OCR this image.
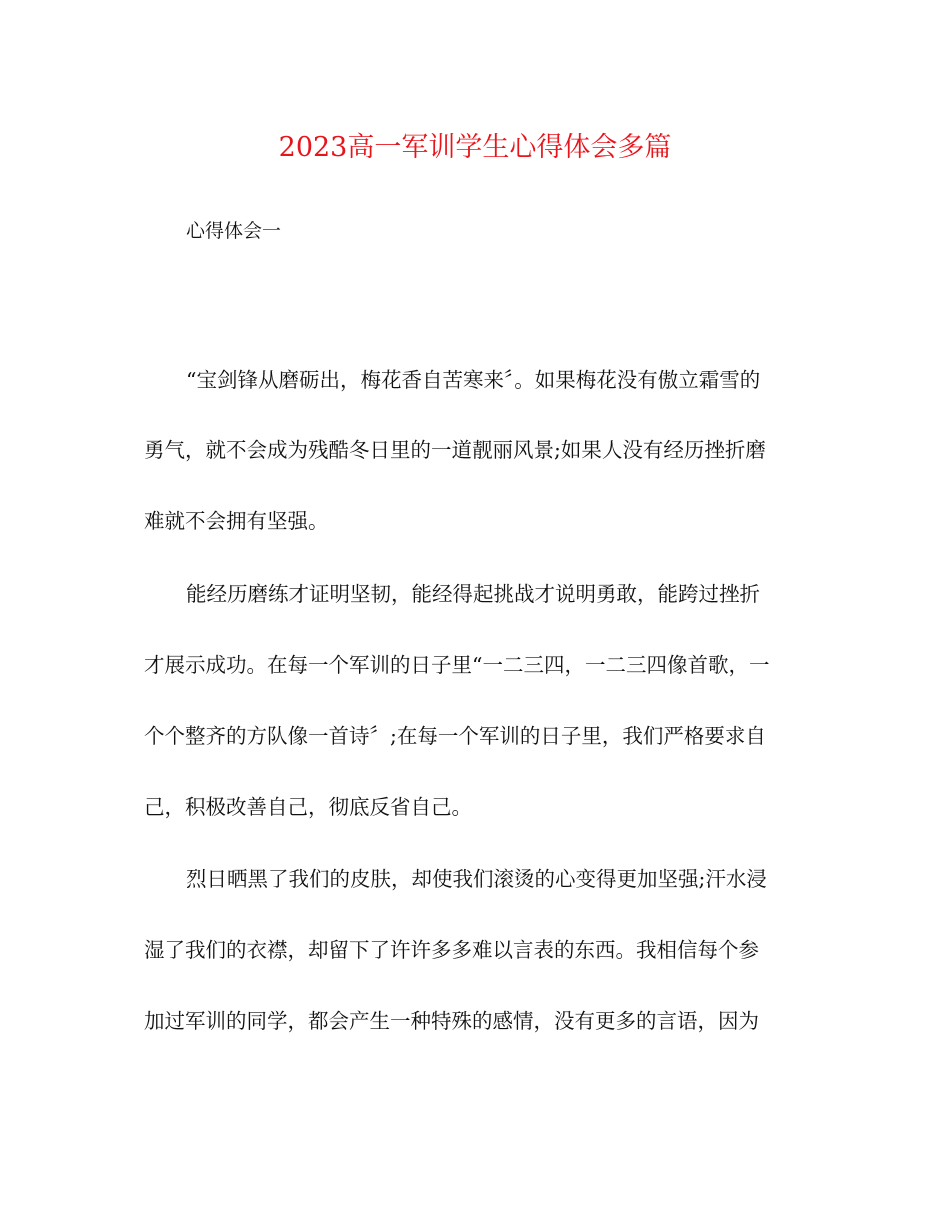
2023高一军训学生心得体会多篇
心得体会一
“宝剑锋从磨砺出，梅花香自苦寒来〞。如果梅花没有傲立霜雪的
勇气，就不会成为残酷冬日里的一道靓丽风景;如果人没有经历挫折磨
难就不会拥有坚强。
能经历磨练才证明坚韧，能经得起挑战才说明勇敢，能跨过挫折
才展示成功。在每一个军训的日子里“一二三四，一二三四像首歌，一
个个整齐的方队像一首诗〞;在每一个军训的日子里，我们严格要求自
己，积极改善自己，彻底反省自己。
烈日晒黑了我们的皮肤，却使我们滚烫的心变得更加坚强;汗水浸
湿了我们的衣襟，却留下了许许多多难以言表的东西。我相信每个参
加过军训的同学，都会产生一种特殊的感情，没有更多的言语，因为
